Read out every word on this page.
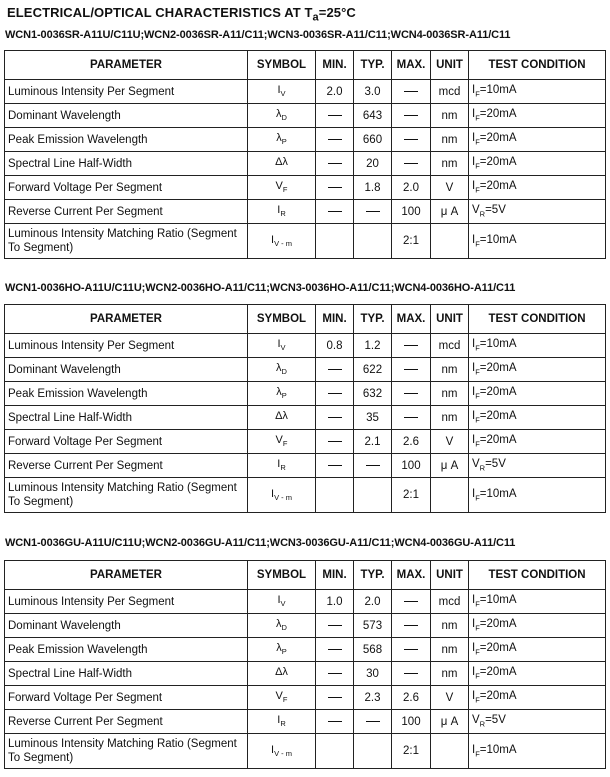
ELECTRICAL/OPTICAL CHARACTERISTICS AT $T_a=25^\circ C$
WCN1-0036SR-A11U/C11U;WCN2-0036SR-A11/C11;WCN3-0036SR-A11/C11;WCN4-0036SR-A11/C11
PARAMETER	SYMBOL	MIN.	TYP.	MAX.	UNIT	TEST CONDITION
Luminous Intensity Per Segment	$I_V$	2.0	3.0		mcd	$I_F=10mA$
Dominant Wavelength	$\lambda_D$		643		nm	$I_F=20mA$
Peak Emission Wavelength	$\lambda_P$		660		nm	$I_F=20mA$
Spectral Line Half-Width	Δλ		20		nm	$I_F=20mA$
Forward Voltage Per Segment	$V_F$		1.8	2.0	V	$I_F=20mA$
Reverse Current Per Segment	$I_R$			100	μ A	$V_R=5V$
Luminous Intensity Matching Ratio (Segment To Segment)	$I_{V - m}$			2:1		$I_F=10mA$
WCN1-0036HO-A11U/C11U;WCN2-0036HO-A11/C11;WCN3-0036HO-A11/C11;WCN4-0036HO-A11/C11
PARAMETER	SYMBOL	MIN.	TYP.	MAX.	UNIT	TEST CONDITION
Luminous Intensity Per Segment	$I_V$	0.8	1.2		mcd	$I_F=10mA$
Dominant Wavelength	$\lambda_D$		622		nm	$I_F=20mA$
Peak Emission Wavelength	$\lambda_P$		632		nm	$I_F=20mA$
Spectral Line Half-Width	Δλ		35		nm	$I_F=20mA$
Forward Voltage Per Segment	$V_F$		2.1	2.6	V	$I_F=20mA$
Reverse Current Per Segment	$I_R$			100	μ A	$V_R=5V$
Luminous Intensity Matching Ratio (Segment To Segment)	$I_{V - m}$			2:1		$I_F=10mA$
WCN1-0036GU-A11U/C11U;WCN2-0036GU-A11/C11;WCN3-0036GU-A11/C11;WCN4-0036GU-A11/C11
PARAMETER	SYMBOL	MIN.	TYP.	MAX.	UNIT	TEST CONDITION
Luminous Intensity Per Segment	$I_V$	1.0	2.0		mcd	$I_F=10mA$
Dominant Wavelength	$\lambda_D$		573		nm	$I_F=20mA$
Peak Emission Wavelength	$\lambda_P$		568		nm	$I_F=20mA$
Spectral Line Half-Width	Δλ		30		nm	$I_F=20mA$
Forward Voltage Per Segment	$V_F$		2.3	2.6	V	$I_F=20mA$
Reverse Current Per Segment	$I_R$			100	μ A	$V_R=5V$
Luminous Intensity Matching Ratio (Segment To Segment)	$I_{V - m}$			2:1		$I_F=10mA$
